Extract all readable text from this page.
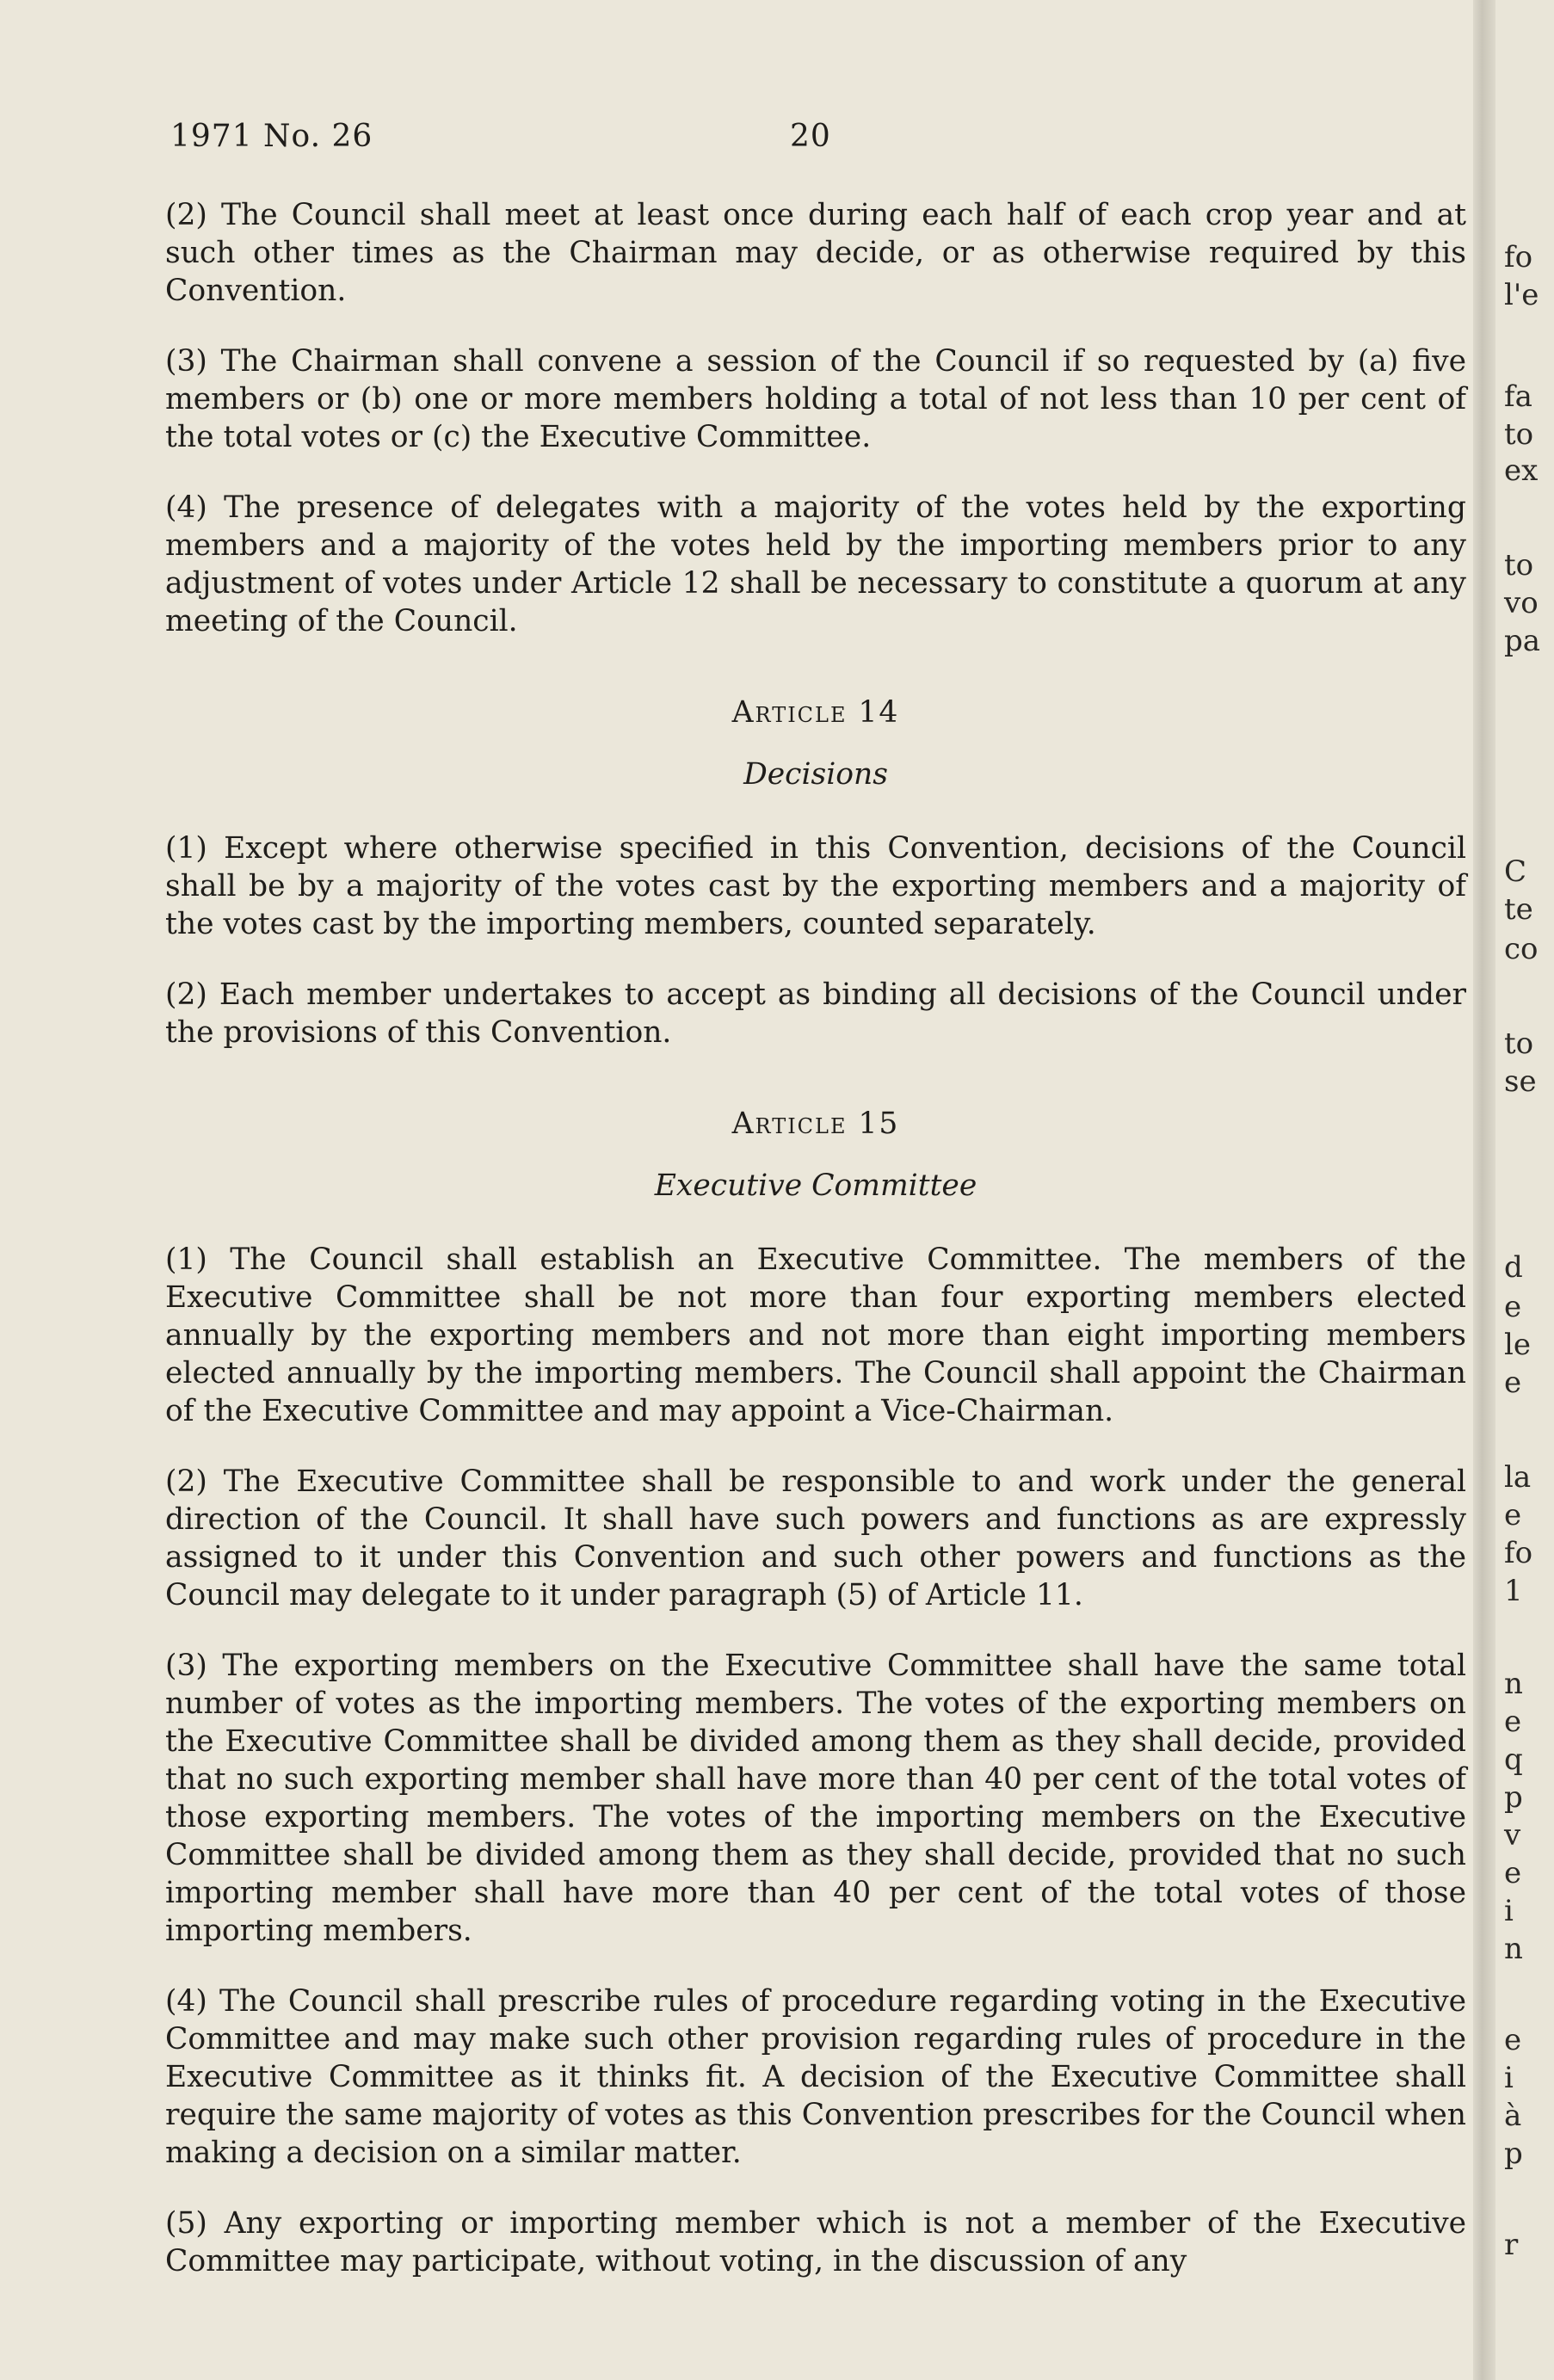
1971 No. 26	20

(2) The Council shall meet at least once during each half of each crop year and at such other times as the Chairman may decide, or as otherwise required by this Convention.

(3) The Chairman shall convene a session of the Council if so requested by (a) five members or (b) one or more members holding a total of not less than 10 per cent of the total votes or (c) the Executive Committee.

(4) The presence of delegates with a majority of the votes held by the exporting members and a majority of the votes held by the importing members prior to any adjustment of votes under Article 12 shall be necessary to constitute a quorum at any meeting of the Council.

Article 14
Decisions

(1) Except where otherwise specified in this Convention, decisions of the Council shall be by a majority of the votes cast by the exporting members and a majority of the votes cast by the importing members, counted separately.

(2) Each member undertakes to accept as binding all decisions of the Council under the provisions of this Convention.

Article 15
Executive Committee

(1) The Council shall establish an Executive Committee. The members of the Executive Committee shall be not more than four exporting members elected annually by the exporting members and not more than eight importing members elected annually by the importing members. The Council shall appoint the Chairman of the Executive Committee and may appoint a Vice-Chairman.

(2) The Executive Committee shall be responsible to and work under the general direction of the Council. It shall have such powers and functions as are expressly assigned to it under this Convention and such other powers and functions as the Council may delegate to it under paragraph (5) of Article 11.

(3) The exporting members on the Executive Committee shall have the same total number of votes as the importing members. The votes of the exporting members on the Executive Committee shall be divided among them as they shall decide, provided that no such exporting member shall have more than 40 per cent of the total votes of those exporting members. The votes of the importing members on the Executive Committee shall be divided among them as they shall decide, provided that no such importing member shall have more than 40 per cent of the total votes of those importing members.

(4) The Council shall prescribe rules of procedure regarding voting in the Executive Committee and may make such other provision regarding rules of procedure in the Executive Committee as it thinks fit. A decision of the Executive Committee shall require the same majority of votes as this Convention prescribes for the Council when making a decision on a similar matter.

(5) Any exporting or importing member which is not a member of the Executive Committee may participate, without voting, in the discussion of any

fo
l'e
fa
to
ex
to
vo
pa
C
te
co
to
se
d
e
le
e
la
e
fo
1
n
e
q
p
v
e
i
n
e
i
à
p
r
